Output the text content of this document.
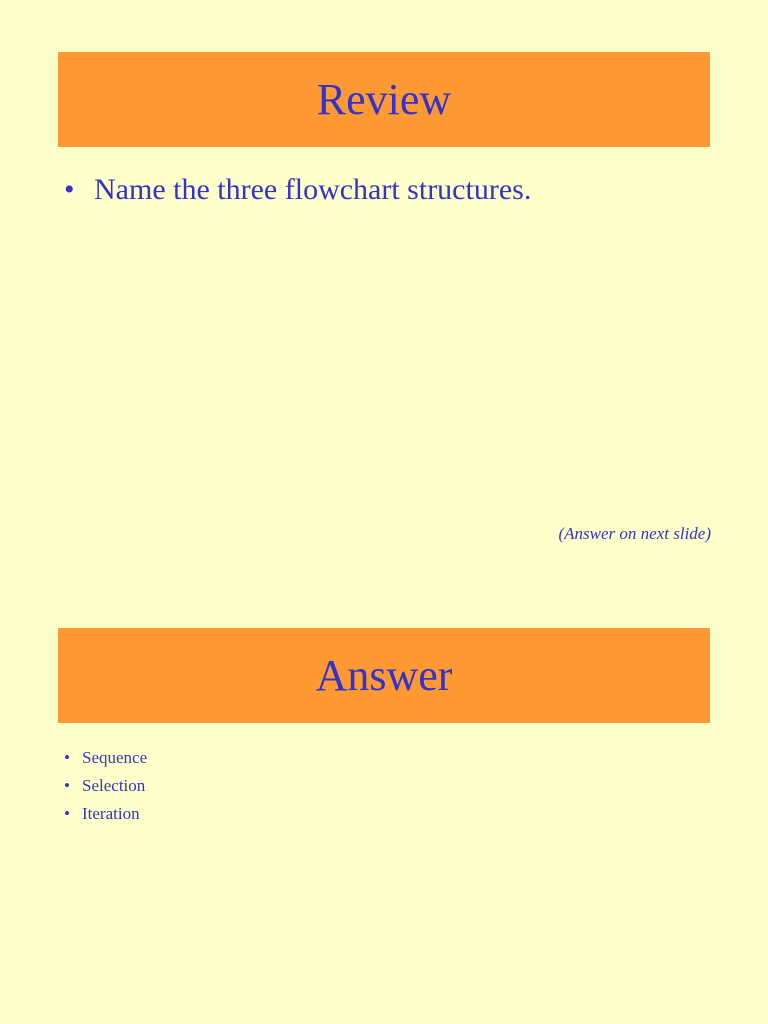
Review
• Name the three flowchart structures.
(Answer on next slide)
Answer
• Sequence
• Selection
• Iteration
